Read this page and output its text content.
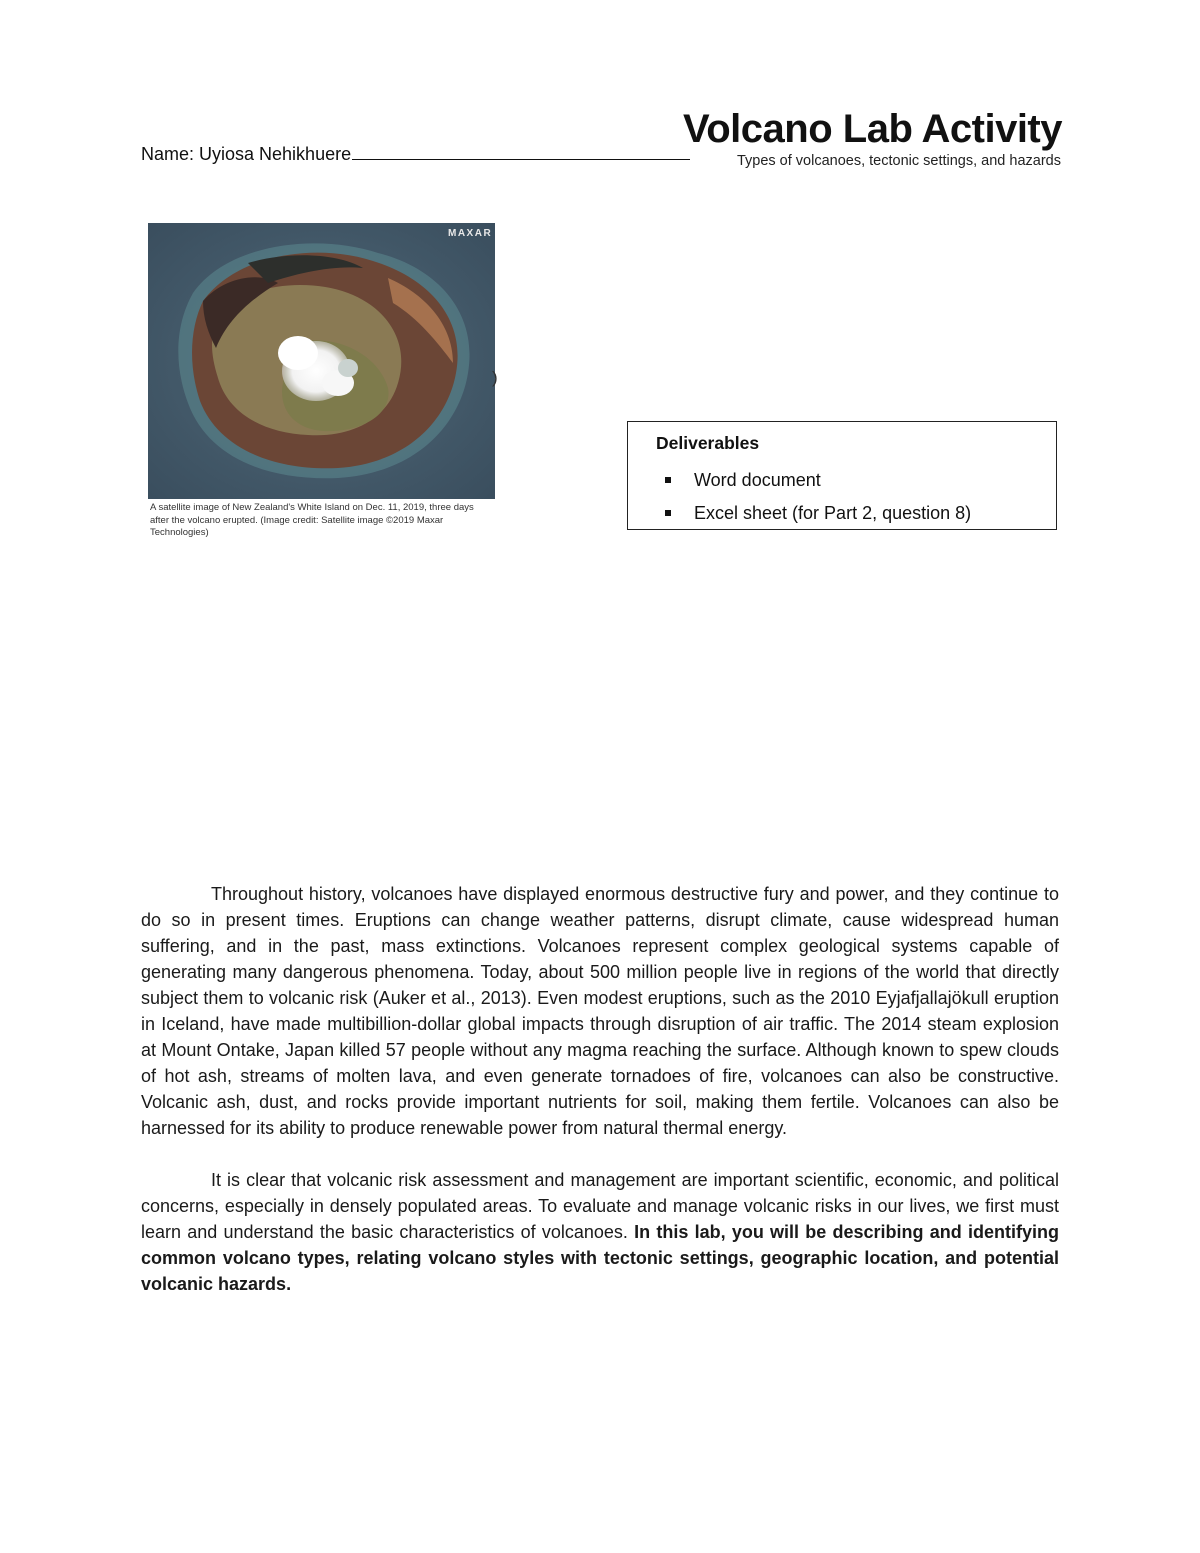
Name: Uyiosa Nehikhuere
Volcano Lab Activity
Types of volcanoes, tectonic settings, and hazards
MAXAR
A satellite image of New Zealand's White Island on Dec. 11, 2019, three days after the volcano erupted. (Image credit: Satellite image ©2019 Maxar Technologies)
)
Deliverables
Word document
Excel sheet (for Part 2, question 8)

Throughout history, volcanoes have displayed enormous destructive fury and power, and they continue to do so in present times. Eruptions can change weather patterns, disrupt climate, cause widespread human suffering, and in the past, mass extinctions. Volcanoes represent complex geological systems capable of generating many dangerous phenomena. Today, about 500 million people live in regions of the world that directly subject them to volcanic risk (Auker et al., 2013). Even modest eruptions, such as the 2010 Eyjafjallajökull eruption in Iceland, have made multibillion-dollar global impacts through disruption of air traffic. The 2014 steam explosion at Mount Ontake, Japan killed 57 people without any magma reaching the surface. Although known to spew clouds of hot ash, streams of molten lava, and even generate tornadoes of fire, volcanoes can also be constructive. Volcanic ash, dust, and rocks provide important nutrients for soil, making them fertile. Volcanoes can also be harnessed for its ability to produce renewable power from natural thermal energy.

It is clear that volcanic risk assessment and management are important scientific, economic, and political concerns, especially in densely populated areas. To evaluate and manage volcanic risks in our lives, we first must learn and understand the basic characteristics of volcanoes. In this lab, you will be describing and identifying common volcano types, relating volcano styles with tectonic settings, geographic location, and potential volcanic hazards.
